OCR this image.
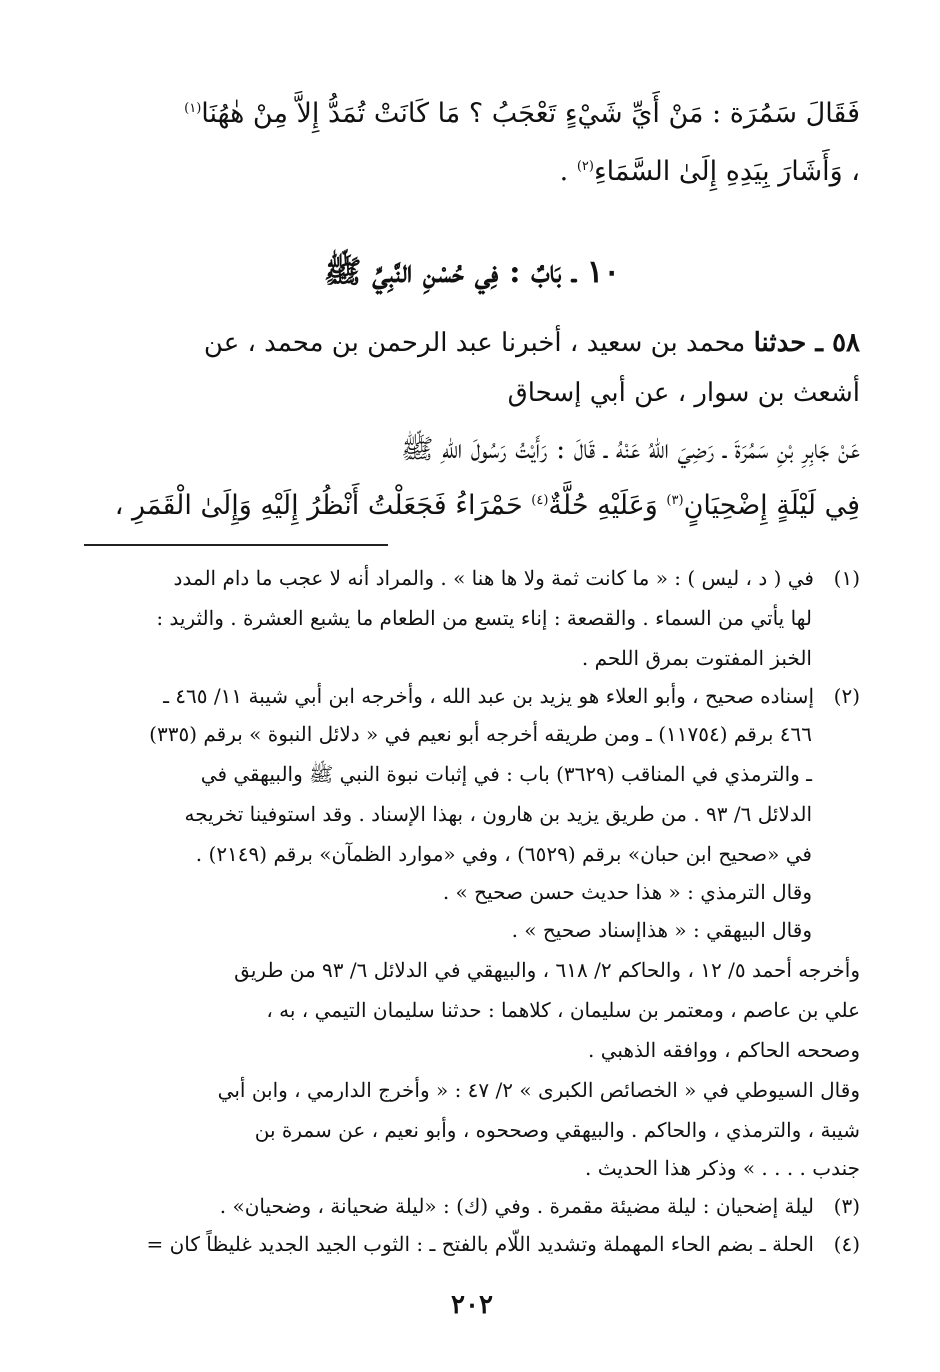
فَقَالَ سَمُرَة : مَنْ أَيِّ شَيْءٍ تَعْجَبُ ؟ مَا كَانَتْ تُمَدُّ إِلاَّ مِنْ هٰهُنَا$^{(١)}$
، وَأَشَارَ بِيَدِهِ إِلَىٰ السَّمَاءِ$^{(٢)}$ .
١٠ ـ بَابٌ : فِي حُسْنِ النَّبِيِّ ﷺ
٥٨ ـ حدثنا محمد بن سعيد ، أخبرنا عبد الرحمن بن محمد ، عن
أشعث بن سوار ، عن أبي إسحاق
عَنْ جَابِرِ بْنِ سَمُرَةَ ـ رَضِيَ اللهُ عَنْهُ ـ قَالَ : رَأَيْتُ رَسُولَ اللهِ ﷺ
فِي لَيْلَةٍ إِضْحِيَانٍ$^{(٣)}$ وَعَلَيْهِ حُلَّةٌ$^{(٤)}$ حَمْرَاءُ فَجَعَلْتُ أَنْظُرُ إِلَيْهِ وَإِلَىٰ الْقَمَرِ ،
(١)في ( د ، ليس ) : « ما كانت ثمة ولا ها هنا » . والمراد أنه لا عجب ما دام المدد
لها يأتي من السماء . والقصعة : إناء يتسع من الطعام ما يشبع العشرة . والثريد :
الخبز المفتوت بمرق اللحم .
(٢)إسناده صحيح ، وأبو العلاء هو يزيد بن عبد الله ، وأخرجه ابن أبي شيبة ١١/ ٤٦٥ ـ
٤٦٦ برقم (١١٧٥٤) ـ ومن طريقه أخرجه أبو نعيم في « دلائل النبوة » برقم (٣٣٥)
ـ والترمذي في المناقب (٣٦٢٩) باب : في إثبات نبوة النبي ﷺ والبيهقي في
الدلائل ٦/ ٩٣ . من طريق يزيد بن هارون ، بهذا الإسناد . وقد استوفينا تخريجه
في «صحيح ابن حبان» برقم (٦٥٢٩) ، وفي «موارد الظمآن» برقم (٢١٤٩) .
وقال الترمذي : « هذا حديث حسن صحيح » .
وقال البيهقي : « هذاإسناد صحيح » .
وأخرجه أحمد ٥/ ١٢ ، والحاكم ٢/ ٦١٨ ، والبيهقي في الدلائل ٦/ ٩٣ من طريق
علي بن عاصم ، ومعتمر بن سليمان ، كلاهما : حدثنا سليمان التيمي ، به ،
وصححه الحاكم ، ووافقه الذهبي .
وقال السيوطي في « الخصائص الكبرى » ٢/ ٤٧ : « وأخرج الدارمي ، وابن أبي
شيبة ، والترمذي ، والحاكم . والبيهقي وصححوه ، وأبو نعيم ، عن سمرة بن
جندب . . . . » وذكر هذا الحديث .
(٣)ليلة إضحيان : ليلة مضيئة مقمرة . وفي (ك) : «ليلة ضحيانة ، وضحيان» .
(٤)الحلة ـ بضم الحاء المهملة وتشديد اللّام بالفتح ـ : الثوب الجيد الجديد غليظاً كان =
٢٠٢
